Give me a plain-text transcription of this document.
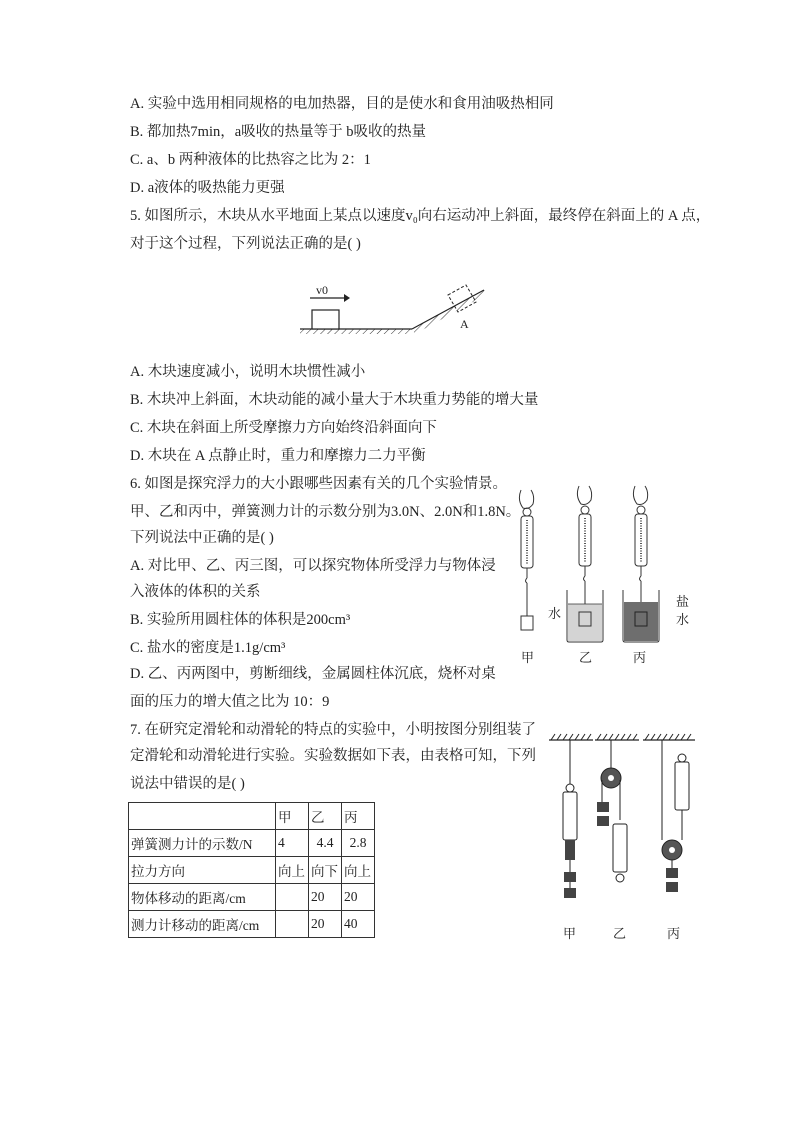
A. 实验中选用相同规格的电加热器，目的是使水和食用油吸热相同
B. 都加热7min，a吸收的热量等于 b吸收的热量
C. a、b 两种液体的比热容之比为 2：1
D. a液体的吸热能力更强
5. 如图所示，木块从水平地面上某点以速度v₀向右运动冲上斜面，最终停在斜面上的 A 点，
对于这个过程，下列说法正确的是( )
v0
A
A. 木块速度减小，说明木块惯性减小
B. 木块冲上斜面，木块动能的减小量大于木块重力势能的增大量
C. 木块在斜面上所受摩擦力方向始终沿斜面向下
D. 木块在 A 点静止时，重力和摩擦力二力平衡
6. 如图是探究浮力的大小跟哪些因素有关的几个实验情景。
甲、乙和丙中，弹簧测力计的示数分别为3.0N、2.0N和1.8N。
下列说法中正确的是( )
A. 对比甲、乙、丙三图，可以探究物体所受浮力与物体浸
入液体的体积的关系
B. 实验所用圆柱体的体积是200cm³
C. 盐水的密度是1.1g/cm³
D. 乙、丙两图中，剪断细线，金属圆柱体沉底，烧杯对桌
面的压力的增大值之比为 10：9
甲
水
乙
盐
水
丙
7. 在研究定滑轮和动滑轮的特点的实验中，小明按图分别组装了
定滑轮和动滑轮进行实验。实验数据如下表，由表格可知，下列
说法中错误的是( )
	甲	乙	丙
弹簧测力计的示数/N	4	4.4	2.8
拉力方向	向上	向下	向上
物体移动的距离/cm		20	20
测力计移动的距离/cm		20	40
甲	乙	丙
